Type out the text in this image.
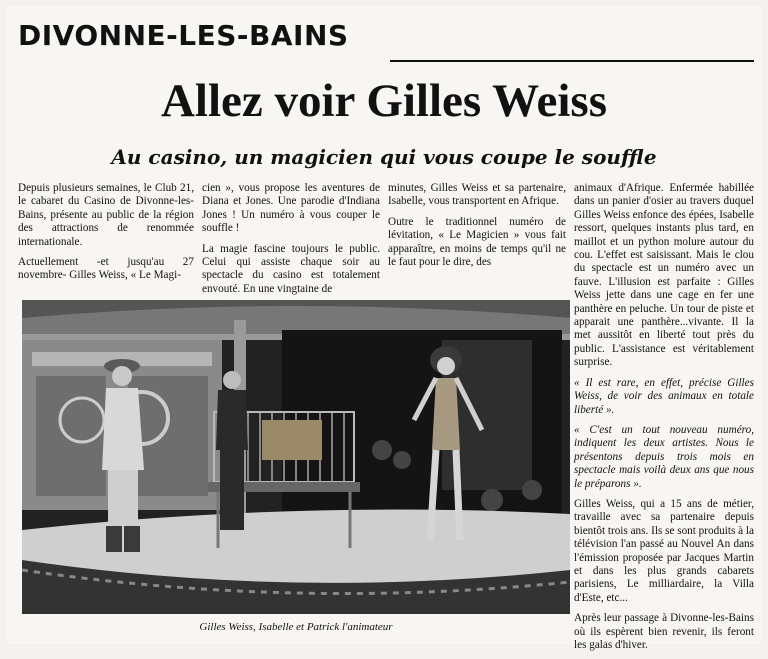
DIVONNE-LES-BAINS
Allez voir Gilles Weiss
Au casino, un magicien qui vous coupe le souffle

Depuis plusieurs semaines, le Club 21, le cabaret du Casino de Divonne-les-Bains, présente au public de la région des attractions de renommée internationale.

Actuellement -et jusqu'au 27 novembre- Gilles Weiss, « Le Magi-

cien », vous propose les aventures de Diana et Jones. Une parodie d'Indiana Jones ! Un numéro à vous couper le souffle !

La magie fascine toujours le public. Celui qui assiste chaque soir au spectacle du casino est totalement envouté. En une vingtaine de

minutes, Gilles Weiss et sa partenaire, Isabelle, vous transportent en Afrique.

Outre le traditionnel numéro de lévitation, « Le Magicien » vous fait apparaître, en moins de temps qu'il ne le faut pour le dire, des

animaux d'Afrique. Enfermée habillée dans un panier d'osier au travers duquel Gilles Weiss enfonce des épées, Isabelle ressort, quelques instants plus tard, en maillot et un python molure autour du cou. L'effet est saisissant. Mais le clou du spectacle est un numéro avec un fauve. L'illusion est parfaite : Gilles Weiss jette dans une cage en fer une panthère en peluche. Un tour de piste et apparait une panthère...vivante. Il la met aussitôt en liberté tout près du public. L'assistance est véritablement surprise.

« Il est rare, en effet, précise Gilles Weiss, de voir des animaux en totale liberté ».

« C'est un tout nouveau numéro, indiquent les deux artistes. Nous le présentons depuis trois mois en spectacle mais voilà deux ans que nous le préparons ».

Gilles Weiss, qui a 15 ans de métier, travaille avec sa partenaire depuis bientôt trois ans. Ils se sont produits à la télévision l'an passé au Nouvel An dans l'émission proposée par Jacques Martin et dans les plus grands cabarets parisiens, Le milliardaire, la Villa d'Este, etc...

Après leur passage à Divonne-les-Bains où ils espèrent bien revenir, ils feront les galas d'hiver.

Gilles Weiss, Isabelle et Patrick l'animateur
